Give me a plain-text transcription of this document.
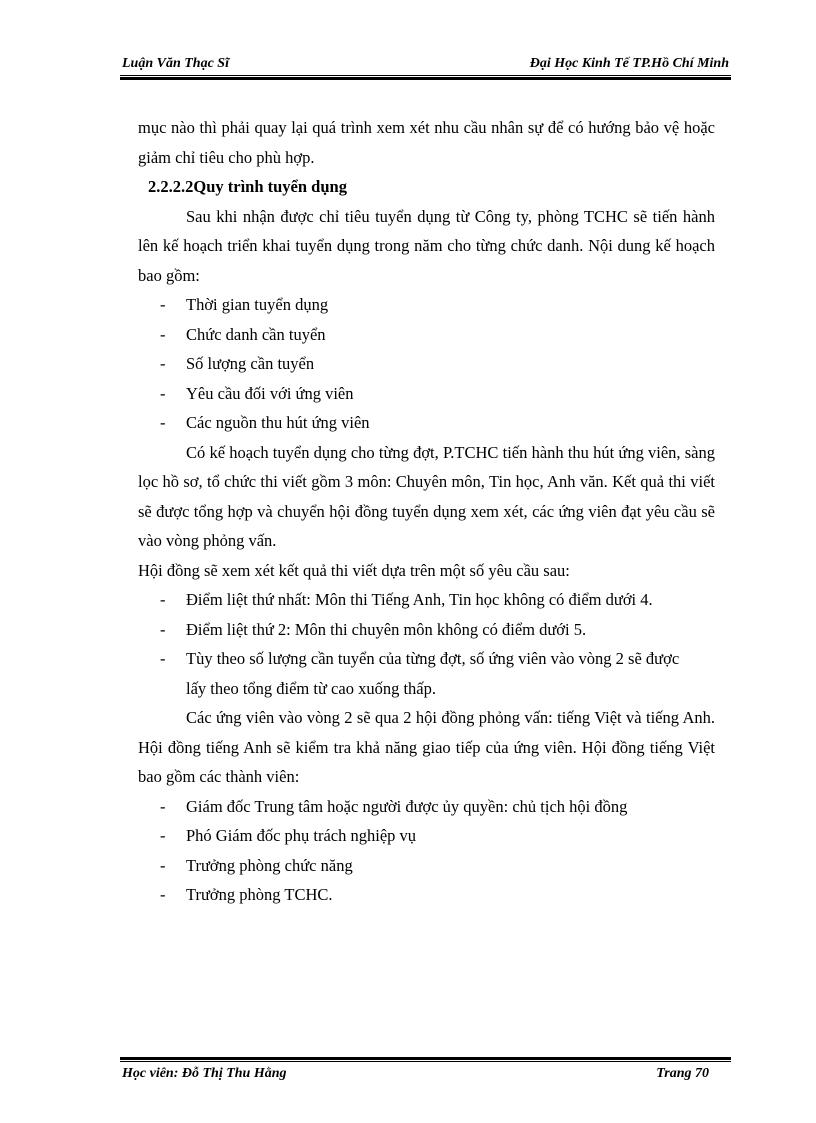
Luận Văn Thạc Sĩ	Đại Học Kinh Tế TP.Hồ Chí Minh

mục nào thì phải quay lại quá trình xem xét nhu cầu nhân sự để có hướng bảo vệ hoặc giảm chỉ tiêu cho phù hợp.

2.2.2.2Quy trình tuyển dụng

Sau khi nhận được chỉ tiêu tuyển dụng từ Công ty, phòng TCHC sẽ tiến hành lên kế hoạch triển khai tuyển dụng trong năm cho từng chức danh. Nội dung kế hoạch bao gồm:

-	Thời gian tuyển dụng
-	Chức danh cần tuyển
-	Số lượng cần tuyển
-	Yêu cầu đối với ứng viên
-	Các nguồn thu hút ứng viên

Có kế hoạch tuyển dụng cho từng đợt, P.TCHC tiến hành thu hút ứng viên, sàng lọc hồ sơ, tổ chức thi viết gồm 3 môn: Chuyên môn, Tin học, Anh văn. Kết quả thi viết sẽ được tổng hợp và chuyển hội đồng tuyển dụng xem xét, các ứng viên đạt yêu cầu sẽ vào vòng phỏng vấn.

Hội đồng sẽ xem xét kết quả thi viết dựa trên một số yêu cầu sau:

-	Điểm liệt thứ nhất: Môn thi Tiếng Anh, Tin học không có điểm dưới 4.
-	Điểm liệt thứ 2: Môn thi chuyên môn không có điểm dưới 5.
-	Tùy theo số lượng cần tuyển của từng đợt, số ứng viên vào vòng 2 sẽ được
lấy theo tổng điểm từ cao xuống thấp.

Các ứng viên vào vòng 2 sẽ qua 2 hội đồng phỏng vấn: tiếng Việt và tiếng Anh. Hội đồng tiếng Anh sẽ kiểm tra khả năng giao tiếp của ứng viên. Hội đồng tiếng Việt bao gồm các thành viên:

-	Giám đốc Trung tâm hoặc người được ủy quyền: chủ tịch hội đồng
-	Phó Giám đốc phụ trách nghiệp vụ
-	Trưởng phòng chức năng
-	Trưởng phòng TCHC.
Học viên: Đỗ Thị Thu Hằng	Trang 70
